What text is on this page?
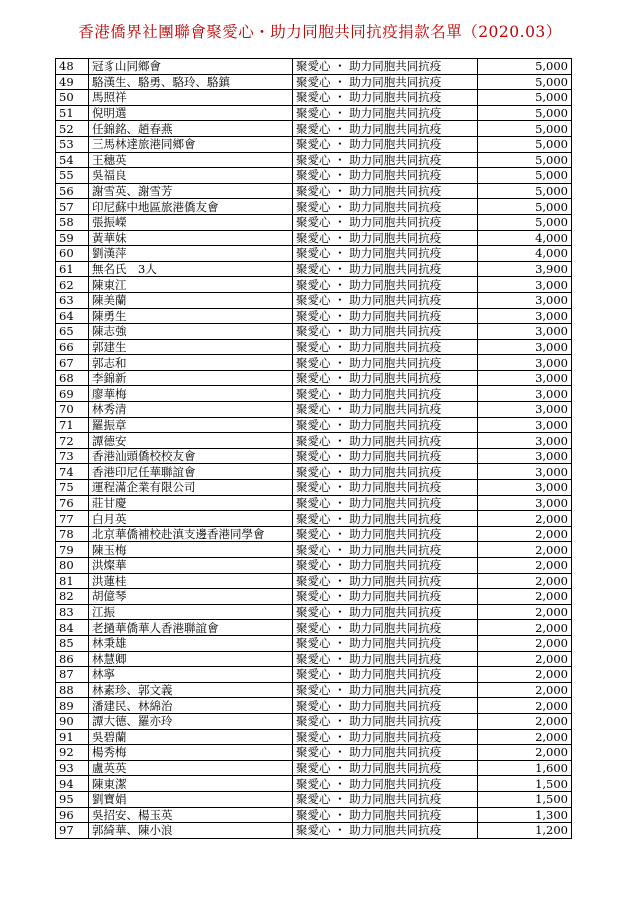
香港僑界社團聯會聚愛心・助力同胞共同抗疫捐款名單（2020.03）
48	冠豸山同鄉會	聚愛心 ・ 助力同胞共同抗疫	5,000
49	駱漢生、駱勇、駱玲、駱鎮	聚愛心 ・ 助力同胞共同抗疫	5,000
50	馬照祥	聚愛心 ・ 助力同胞共同抗疫	5,000
51	倪明選	聚愛心 ・ 助力同胞共同抗疫	5,000
52	任錦銘、趙春燕	聚愛心 ・ 助力同胞共同抗疫	5,000
53	三馬林達旅港同鄉會	聚愛心 ・ 助力同胞共同抗疫	5,000
54	王穗英	聚愛心 ・ 助力同胞共同抗疫	5,000
55	吳福良	聚愛心 ・ 助力同胞共同抗疫	5,000
56	謝雪英、謝雪芳	聚愛心 ・ 助力同胞共同抗疫	5,000
57	印尼蘇中地區旅港僑友會	聚愛心 ・ 助力同胞共同抗疫	5,000
58	張振嶸	聚愛心 ・ 助力同胞共同抗疫	5,000
59	黃華妹	聚愛心 ・ 助力同胞共同抗疫	4,000
60	劉漢萍	聚愛心 ・ 助力同胞共同抗疫	4,000
61	無名氏　3人	聚愛心 ・ 助力同胞共同抗疫	3,900
62	陳東江	聚愛心 ・ 助力同胞共同抗疫	3,000
63	陳美蘭	聚愛心 ・ 助力同胞共同抗疫	3,000
64	陳勇生	聚愛心 ・ 助力同胞共同抗疫	3,000
65	陳志強	聚愛心 ・ 助力同胞共同抗疫	3,000
66	郭建生	聚愛心 ・ 助力同胞共同抗疫	3,000
67	郭志和	聚愛心 ・ 助力同胞共同抗疫	3,000
68	李錦新	聚愛心 ・ 助力同胞共同抗疫	3,000
69	廖華梅	聚愛心 ・ 助力同胞共同抗疫	3,000
70	林秀清	聚愛心 ・ 助力同胞共同抗疫	3,000
71	羅振章	聚愛心 ・ 助力同胞共同抗疫	3,000
72	譚德安	聚愛心 ・ 助力同胞共同抗疫	3,000
73	香港汕頭僑校校友會	聚愛心 ・ 助力同胞共同抗疫	3,000
74	香港印尼任華聯誼會	聚愛心 ・ 助力同胞共同抗疫	3,000
75	運程滿企業有限公司	聚愛心 ・ 助力同胞共同抗疫	3,000
76	莊甘慶	聚愛心 ・ 助力同胞共同抗疫	3,000
77	白月英	聚愛心 ・ 助力同胞共同抗疫	2,000
78	北京華僑補校赴滇支邊香港同學會	聚愛心 ・ 助力同胞共同抗疫	2,000
79	陳玉梅	聚愛心 ・ 助力同胞共同抗疫	2,000
80	洪燦華	聚愛心 ・ 助力同胞共同抗疫	2,000
81	洪蓮桂	聚愛心 ・ 助力同胞共同抗疫	2,000
82	胡億琴	聚愛心 ・ 助力同胞共同抗疫	2,000
83	江振	聚愛心 ・ 助力同胞共同抗疫	2,000
84	老撾華僑華人香港聯誼會	聚愛心 ・ 助力同胞共同抗疫	2,000
85	林秉雄	聚愛心 ・ 助力同胞共同抗疫	2,000
86	林慧卿	聚愛心 ・ 助力同胞共同抗疫	2,000
87	林寧	聚愛心 ・ 助力同胞共同抗疫	2,000
88	林素珍、郭文義	聚愛心 ・ 助力同胞共同抗疫	2,000
89	潘建民、林綿治	聚愛心 ・ 助力同胞共同抗疫	2,000
90	譚大德、羅亦玲	聚愛心 ・ 助力同胞共同抗疫	2,000
91	吳碧蘭	聚愛心 ・ 助力同胞共同抗疫	2,000
92	楊秀梅	聚愛心 ・ 助力同胞共同抗疫	2,000
93	盧英英	聚愛心 ・ 助力同胞共同抗疫	1,600
94	陳東潔	聚愛心 ・ 助力同胞共同抗疫	1,500
95	劉寶娟	聚愛心 ・ 助力同胞共同抗疫	1,500
96	吳招安、楊玉英	聚愛心 ・ 助力同胞共同抗疫	1,300
97	郭綺華、陳小浪	聚愛心 ・ 助力同胞共同抗疫	1,200
